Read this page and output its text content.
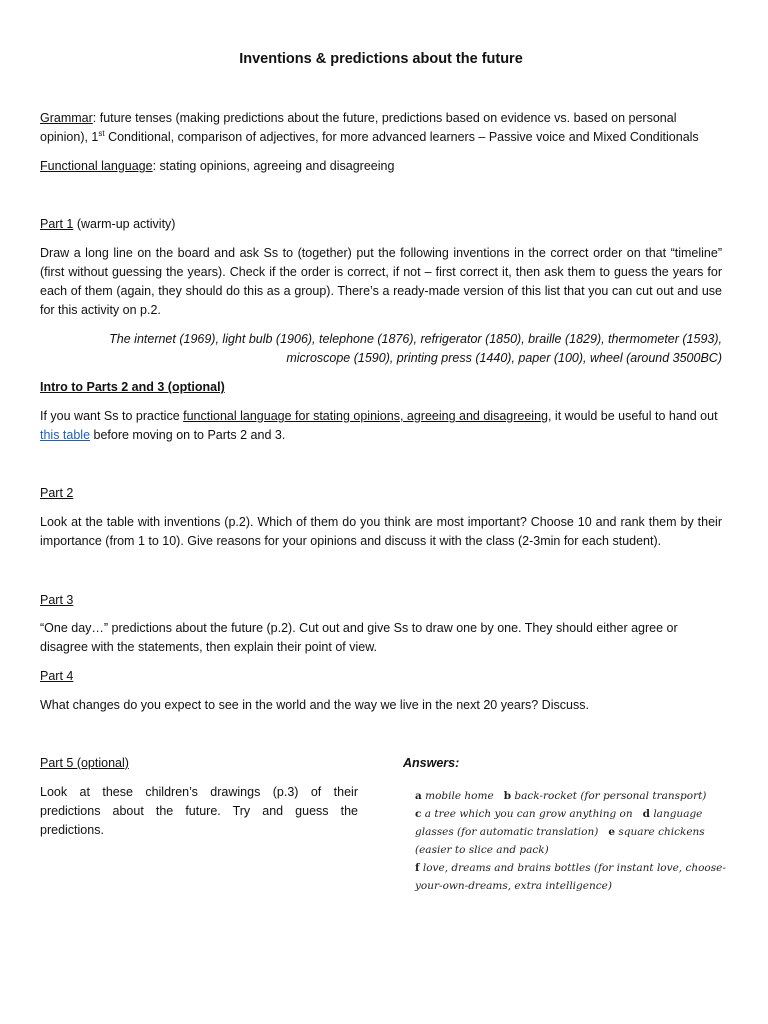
Inventions & predictions about the future
Grammar: future tenses (making predictions about the future, predictions based on evidence vs. based on personal opinion), 1st Conditional, comparison of adjectives, for more advanced learners – Passive voice and Mixed Conditionals
Functional language: stating opinions, agreeing and disagreeing
Part 1 (warm-up activity)
Draw a long line on the board and ask Ss to (together) put the following inventions in the correct order on that “timeline” (first without guessing the years). Check if the order is correct, if not – first correct it, then ask them to guess the years for each of them (again, they should do this as a group). There’s a ready-made version of this list that you can cut out and use for this activity on p.2.
The internet (1969), light bulb (1906), telephone (1876), refrigerator (1850), braille (1829), thermometer (1593),
microscope (1590), printing press (1440), paper (100), wheel (around 3500BC)
Intro to Parts 2 and 3 (optional)
If you want Ss to practice functional language for stating opinions, agreeing and disagreeing, it would be useful to hand out this table before moving on to Parts 2 and 3.
Part 2
Look at the table with inventions (p.2). Which of them do you think are most important? Choose 10 and rank them by their importance (from 1 to 10). Give reasons for your opinions and discuss it with the class (2-3min for each student).
Part 3
“One day…” predictions about the future (p.2). Cut out and give Ss to draw one by one. They should either agree or disagree with the statements, then explain their point of view.
Part 4
What changes do you expect to see in the world and the way we live in the next 20 years? Discuss.
Part 5 (optional)
Look at these children’s drawings (p.3) of their predictions about the future. Try and guess the predictions.
Answers:
a mobile home b back-rocket (for personal transport)
c a tree which you can grow anything on d language glasses (for automatic translation) e square chickens (easier to slice and pack)
f love, dreams and brains bottles (for instant love, choose-your-own-dreams, extra intelligence)
